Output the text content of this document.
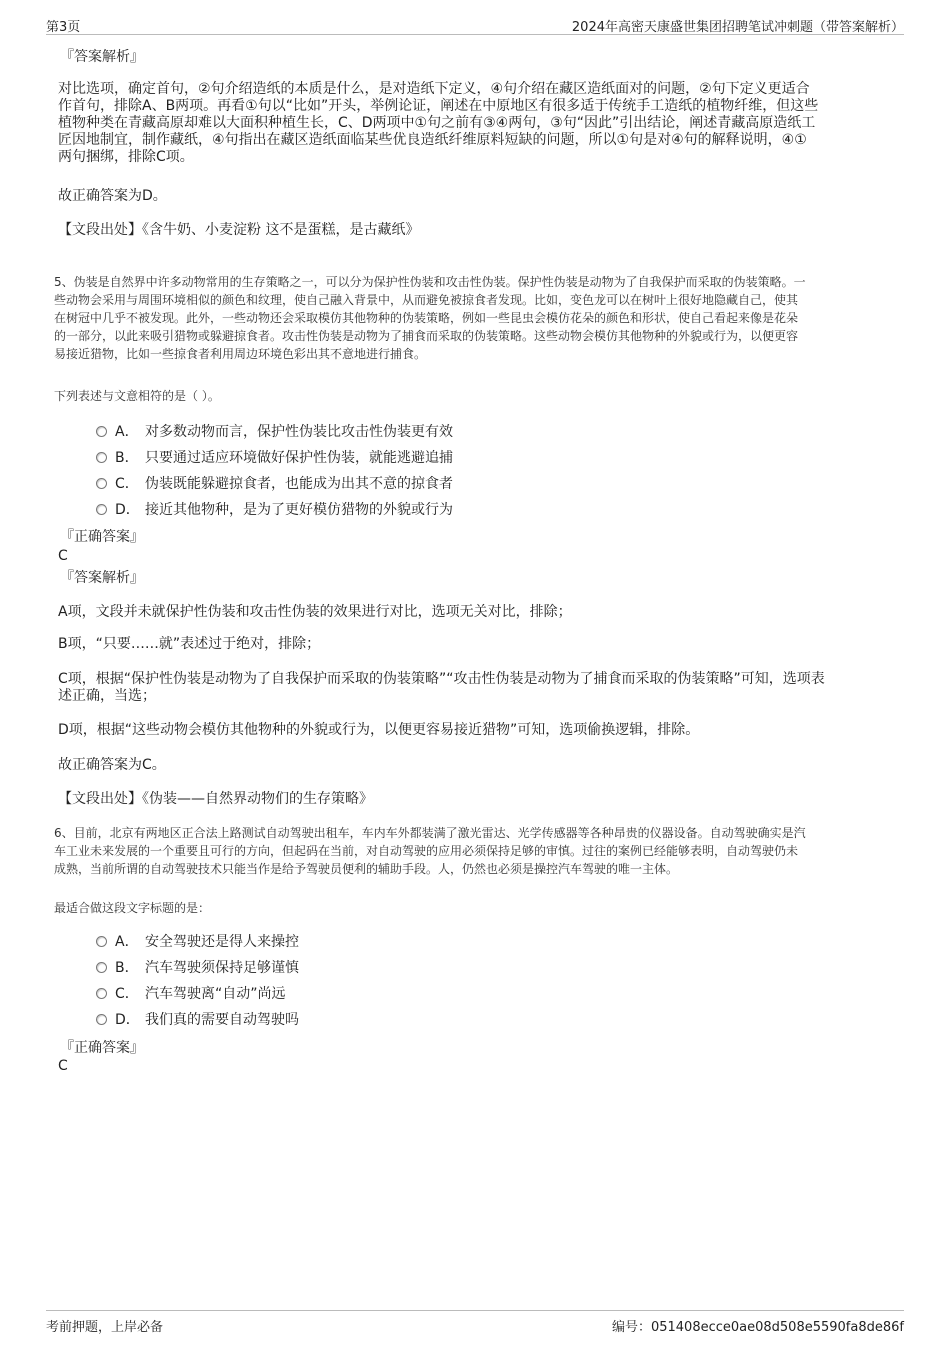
第3页	2024年高密天康盛世集团招聘笔试冲刺题（带答案解析）
『答案解析』
对比选项，确定首句，②句介绍造纸的本质是什么，是对造纸下定义，④句介绍在藏区造纸面对的问题，②句下定义更适合
作首句，排除A、B两项。再看①句以“比如”开头，举例论证，阐述在中原地区有很多适于传统手工造纸的植物纤维，但这些
植物种类在青藏高原却难以大面积种植生长，C、D两项中①句之前有③④两句，③句“因此”引出结论，阐述青藏高原造纸工
匠因地制宜，制作藏纸，④句指出在藏区造纸面临某些优良造纸纤维原料短缺的问题，所以①句是对④句的解释说明，④①
两句捆绑，排除C项。
故正确答案为D。
【文段出处】《含牛奶、小麦淀粉 这不是蛋糕，是古藏纸》
5、伪装是自然界中许多动物常用的生存策略之一，可以分为保护性伪装和攻击性伪装。保护性伪装是动物为了自我保护而采取的伪装策略。一
些动物会采用与周围环境相似的颜色和纹理，使自己融入背景中，从而避免被掠食者发现。比如，变色龙可以在树叶上很好地隐藏自己，使其
在树冠中几乎不被发现。此外，一些动物还会采取模仿其他物种的伪装策略，例如一些昆虫会模仿花朵的颜色和形状，使自己看起来像是花朵
的一部分，以此来吸引猎物或躲避掠食者。攻击性伪装是动物为了捕食而采取的伪装策略。这些动物会模仿其他物种的外貌或行为，以便更容
易接近猎物，比如一些掠食者利用周边环境色彩出其不意地进行捕食。
下列表述与文意相符的是（ ）。
A． 对多数动物而言，保护性伪装比攻击性伪装更有效
B． 只要通过适应环境做好保护性伪装，就能逃避追捕
C． 伪装既能躲避掠食者，也能成为出其不意的掠食者
D． 接近其他物种，是为了更好模仿猎物的外貌或行为
『正确答案』
C
『答案解析』
A项，文段并未就保护性伪装和攻击性伪装的效果进行对比，选项无关对比，排除；
B项，“只要……就”表述过于绝对，排除；
C项，根据“保护性伪装是动物为了自我保护而采取的伪装策略”“攻击性伪装是动物为了捕食而采取的伪装策略”可知，选项表
述正确，当选；
D项，根据“这些动物会模仿其他物种的外貌或行为，以便更容易接近猎物”可知，选项偷换逻辑，排除。
故正确答案为C。
【文段出处】《伪装——自然界动物们的生存策略》
6、目前，北京有两地区正合法上路测试自动驾驶出租车，车内车外都装满了激光雷达、光学传感器等各种昂贵的仪器设备。自动驾驶确实是汽
车工业未来发展的一个重要且可行的方向，但起码在当前，对自动驾驶的应用必须保持足够的审慎。过往的案例已经能够表明，自动驾驶仍未
成熟，当前所谓的自动驾驶技术只能当作是给予驾驶员便利的辅助手段。人，仍然也必须是操控汽车驾驶的唯一主体。
最适合做这段文字标题的是：
A． 安全驾驶还是得人来操控
B． 汽车驾驶须保持足够谨慎
C． 汽车驾驶离“自动”尚远
D． 我们真的需要自动驾驶吗
『正确答案』
C
考前押题，上岸必备	编号：051408ecce0ae08d508e5590fa8de86f
